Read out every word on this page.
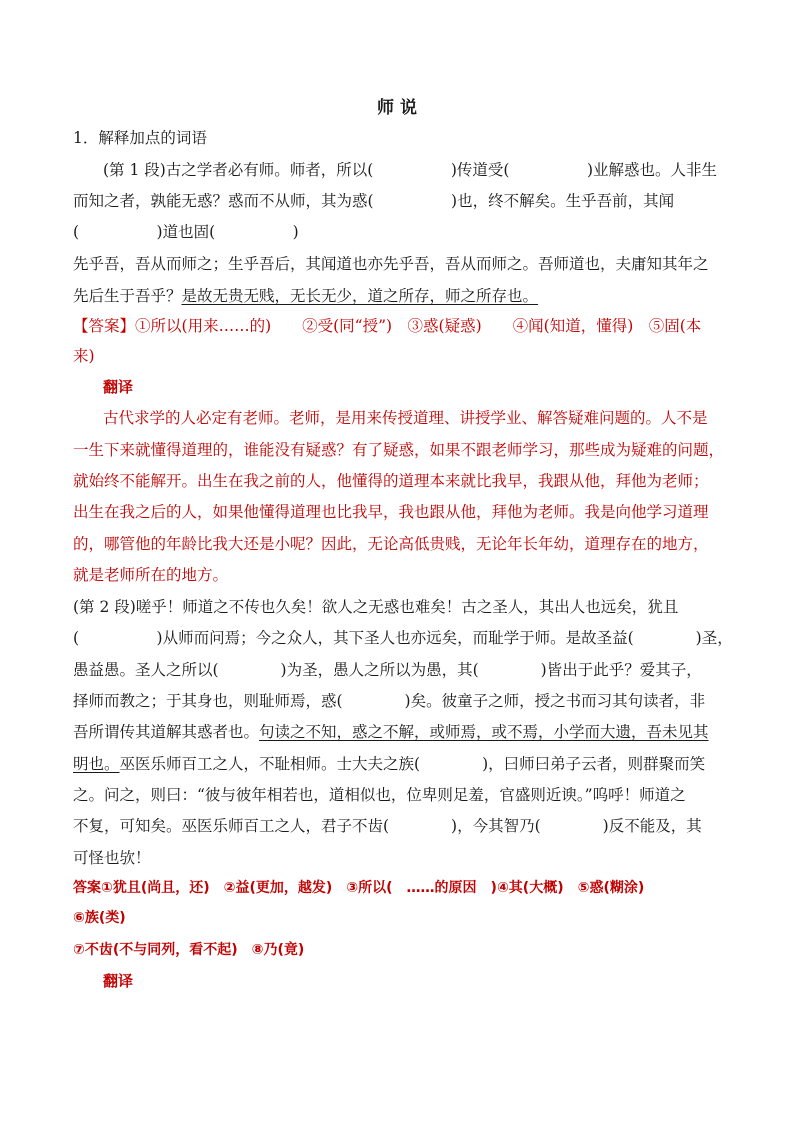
师 说
1．解释加点的词语
(第 1 段)古之学者必有师。师者，所以(　　　　　)传道受(　　　　　)业解惑也。人非生
而知之者，孰能无惑？惑而不从师，其为惑(　　　　　)也，终不解矣。生乎吾前，其闻
(　　　　　)道也固(　　　　　)
先乎吾，吾从而师之；生乎吾后，其闻道也亦先乎吾，吾从而师之。吾师道也，夫庸知其年之
先后生于吾乎？是故无贵无贱，无长无少，道之所存，师之所存也。
【答案】①所以(用来……的)　　②受(同“授”)　③惑(疑惑)　　④闻(知道，懂得)　⑤固(本
来)
翻译
古代求学的人必定有老师。老师，是用来传授道理、讲授学业、解答疑难问题的。人不是
一生下来就懂得道理的，谁能没有疑惑？有了疑惑，如果不跟老师学习，那些成为疑难的问题，
就始终不能解开。出生在我之前的人，他懂得的道理本来就比我早，我跟从他，拜他为老师；
出生在我之后的人，如果他懂得道理也比我早，我也跟从他，拜他为老师。我是向他学习道理
的，哪管他的年龄比我大还是小呢？因此，无论高低贵贱，无论年长年幼，道理存在的地方，
就是老师所在的地方。
(第 2 段)嗟乎！师道之不传也久矣！欲人之无惑也难矣！古之圣人，其出人也远矣，犹且
(　　　　　)从师而问焉；今之众人，其下圣人也亦远矣，而耻学于师。是故圣益(　　　　)圣，
愚益愚。圣人之所以(　　　　)为圣，愚人之所以为愚，其(　　　　)皆出于此乎？爱其子，
择师而教之；于其身也，则耻师焉，惑(　　　　)矣。彼童子之师，授之书而习其句读者，非
吾所谓传其道解其惑者也。句读之不知，惑之不解，或师焉，或不焉，小学而大遗，吾未见其
明也。巫医乐师百工之人，不耻相师。士大夫之族(　　　　)，曰师曰弟子云者，则群聚而笑
之。问之，则曰：“彼与彼年相若也，道相似也，位卑则足羞，官盛则近谀。”呜呼！师道之
不复，可知矣。巫医乐师百工之人，君子不齿(　　　　)，今其智乃(　　　　)反不能及，其
可怪也欤！
答案①犹且(尚且，还)　②益(更加，越发)　③所以(　……的原因　)④其(大概)　⑤惑(糊涂)
⑥族(类)
⑦不齿(不与同列，看不起)　⑧乃(竟)
翻译
